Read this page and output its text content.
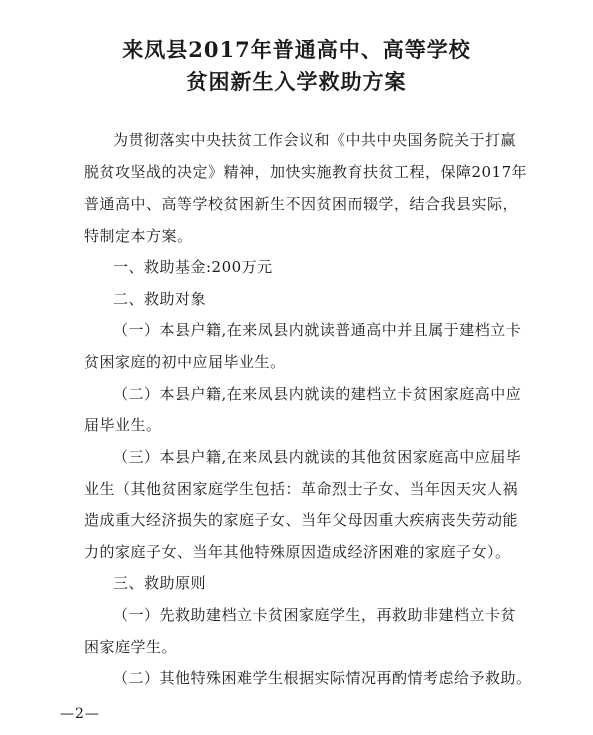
来凤县2017年普通高中、高等学校
贫困新生入学救助方案
为贯彻落实中央扶贫工作会议和《中共中央国务院关于打赢
脱贫攻坚战的决定》精神，加快实施教育扶贫工程，保障2017年
普通高中、高等学校贫困新生不因贫困而辍学，结合我县实际，
特制定本方案。
一、救助基金:200万元
二、救助对象
（一）本县户籍,在来凤县内就读普通高中并且属于建档立卡
贫困家庭的初中应届毕业生。
（二）本县户籍,在来凤县内就读的建档立卡贫困家庭高中应
届毕业生。
（三）本县户籍,在来凤县内就读的其他贫困家庭高中应届毕
业生（其他贫困家庭学生包括：革命烈士子女、当年因天灾人祸
造成重大经济损失的家庭子女、当年父母因重大疾病丧失劳动能
力的家庭子女、当年其他特殊原因造成经济困难的家庭子女）。
三、救助原则
（一）先救助建档立卡贫困家庭学生，再救助非建档立卡贫
困家庭学生。
（二）其他特殊困难学生根据实际情况再酌情考虑给予救助。
—2—
